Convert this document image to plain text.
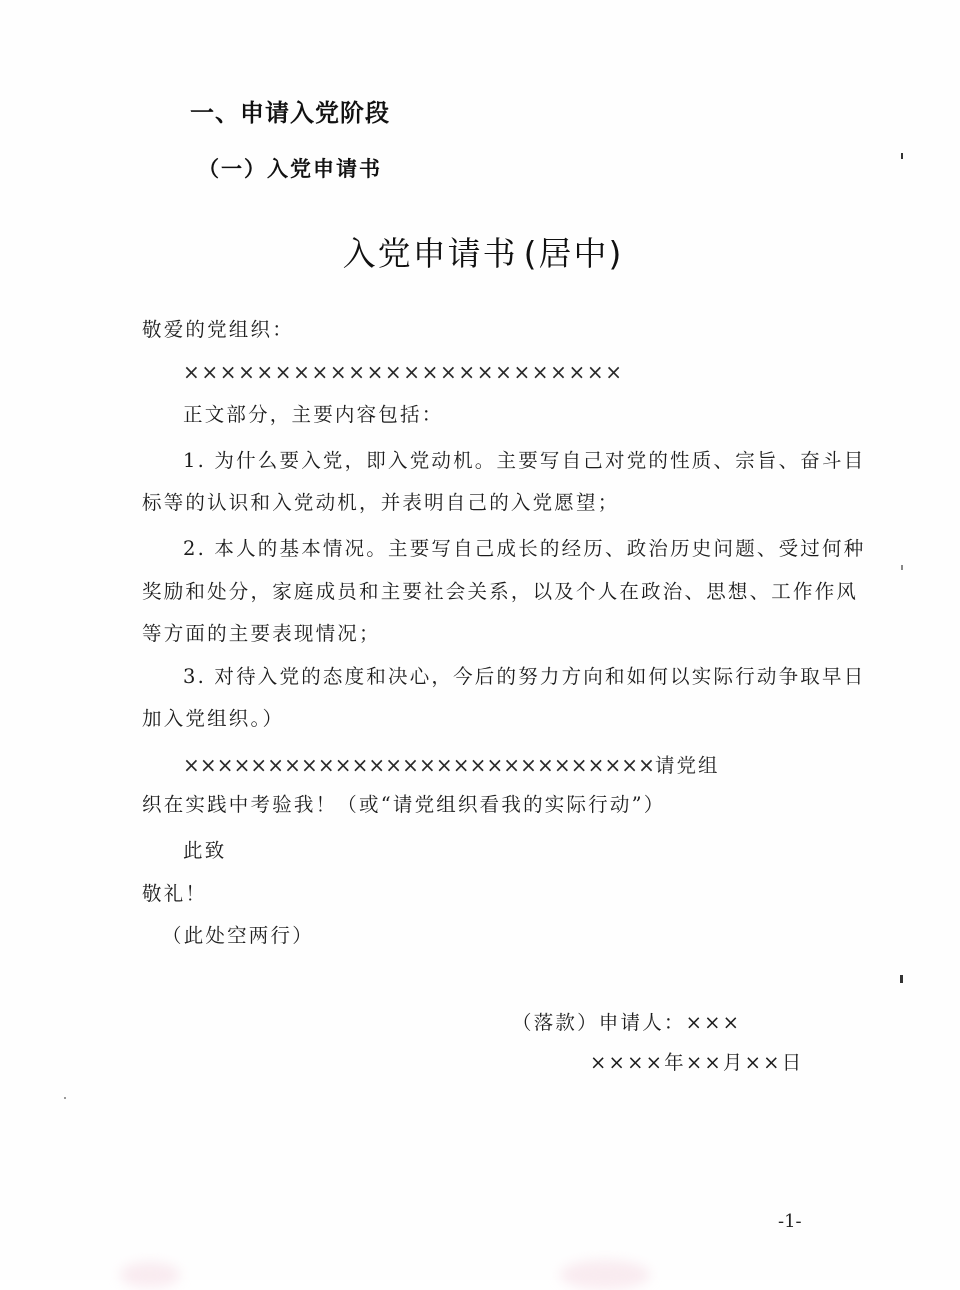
一、申请入党阶段
（一）入党申请书
入党申请书 (居中)
敬爱的党组织：
××××××××××××××××××××××××
正文部分，主要内容包括：
1. 为什么要入党，即入党动机。主要写自己对党的性质、宗旨、奋斗目
标等的认识和入党动机，并表明自己的入党愿望；
2. 本人的基本情况。主要写自己成长的经历、政治历史问题、受过何种
奖励和处分，家庭成员和主要社会关系，以及个人在政治、思想、工作作风
等方面的主要表现情况；
3. 对待入党的态度和决心，今后的努力方向和如何以实际行动争取早日
加入党组织。）
××××××××××××××××××××××××××××请党组
织在实践中考验我！（或“请党组织看我的实际行动”）
此致
敬礼！
（此处空两行）
（落款）申请人：×××
××××年××月××日
-1-
